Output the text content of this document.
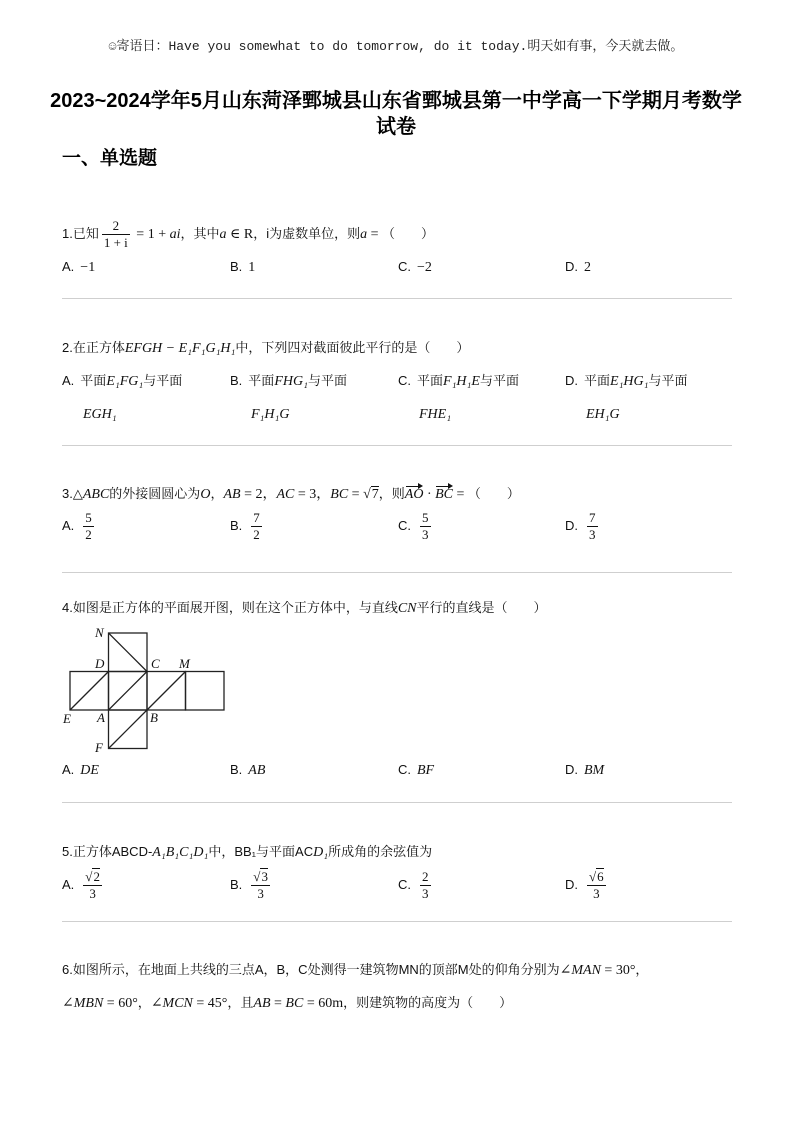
☺寄语日：Have you somewhat to do tomorrow, do it today.明天如有事，今天就去做。
2023~2024学年5月山东菏泽鄄城县山东省鄄城县第一中学高一下学期月考数学
试卷
一、单选题
1.已知 $\frac{2}{1 + i} = 1$ + ai，其中a ∈ R，i为虚数单位，则a = （　　）
A. −1	B. 1	C. −2	D. 2
2.在正方体EFGH − E₁F₁G₁H₁中，下列四对截面彼此平行的是（　　）
A. 平面E₁FG₁与平面
EGH₁
B. 平面FHG₁与平面
F₁H₁G
C. 平面F₁H₁E与平面
FHE₁
D. 平面E₁HG₁与平面
EH₁G
3.△ABC的外接圆圆心为O，AB = 2，AC = 3，BC = √7，则AO · BC = （　　）
A. $\frac{5}{2}$	B. $\frac{7}{2}$	C. $\frac{5}{3}$	D. $\frac{7}{3}$
4.如图是正方体的平面展开图，则在这个正方体中，与直线CN平行的直线是（　　）
N
D	C M
E A	B
F
A. DE	B. AB	C. BF	D. BM
5.正方体ABCD-A₁B₁C₁D₁中，BB₁与平面ACD₁所成角的余弦值为
A. $\frac{√2}{3}$	B. $\frac{√3}{3}$	C. $\frac{2}{3}$	D. $\frac{√6}{3}$
6.如图所示，在地面上共线的三点A，B，C处测得一建筑物MN的顶部M处的仰角分别为∠MAN = 30°，
∠MBN = 60°，∠MCN = 45°，且AB = BC = 60m，则建筑物的高度为（　　）
